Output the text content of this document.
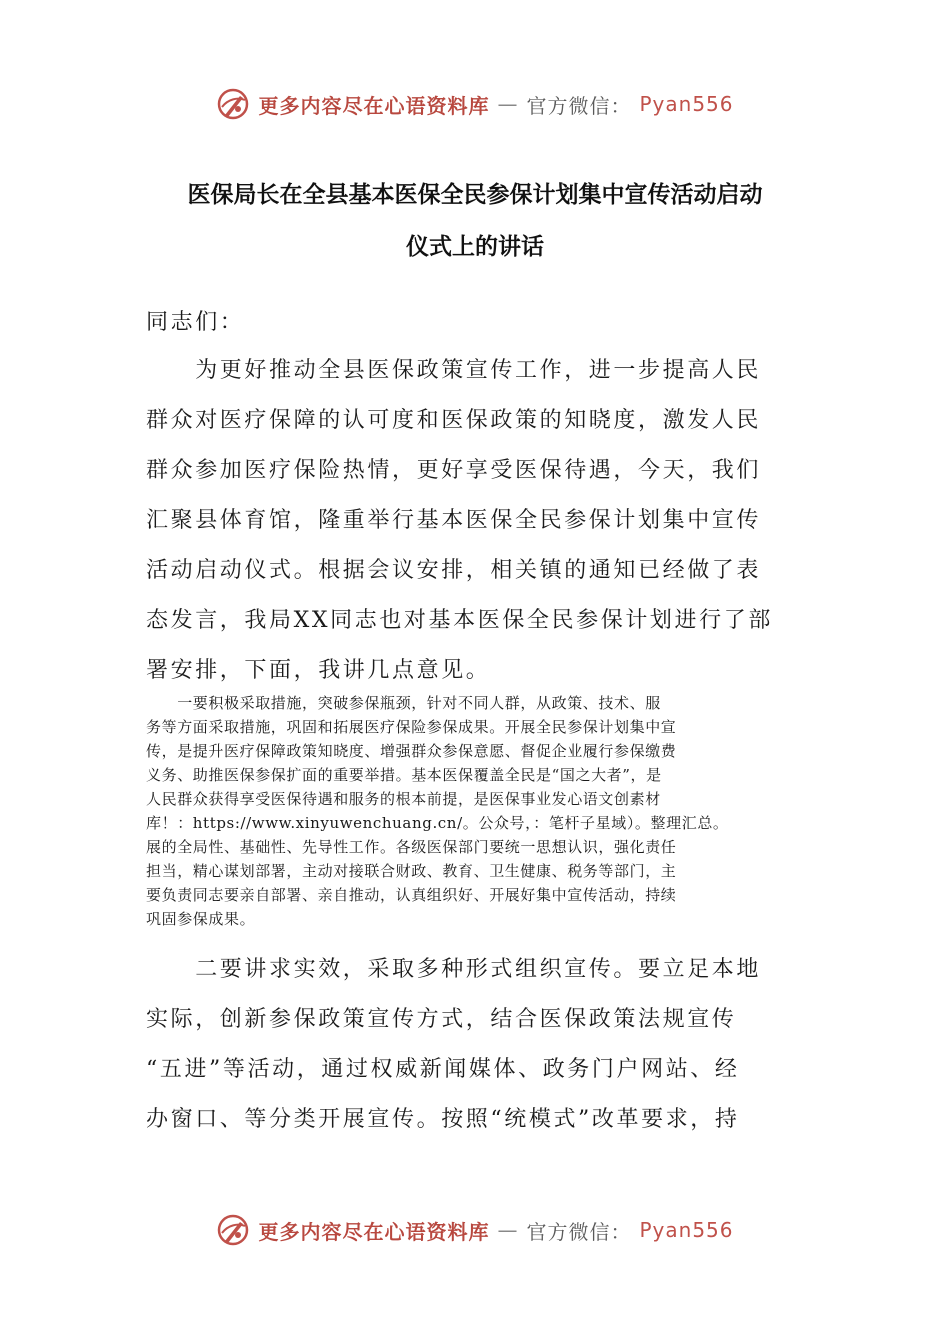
更多内容尽在心语资料库 — 官方微信： Pyan556
医保局长在全县基本医保全民参保计划集中宣传活动启动
仪式上的讲话
同志们：
　　为更好推动全县医保政策宣传工作，进一步提高人民
群众对医疗保障的认可度和医保政策的知晓度，激发人民
群众参加医疗保险热情，更好享受医保待遇，今天，我们
汇聚县体育馆，隆重举行基本医保全民参保计划集中宣传
活动启动仪式。根据会议安排，相关镇的通知已经做了表
态发言，我局XX同志也对基本医保全民参保计划进行了部
署安排，下面，我讲几点意见。
　　一要积极采取措施，突破参保瓶颈，针对不同人群，从政策、技术、服
务等方面采取措施，巩固和拓展医疗保险参保成果。开展全民参保计划集中宣
传，是提升医疗保障政策知晓度、增强群众参保意愿、督促企业履行参保缴费
义务、助推医保参保扩面的重要举措。基本医保覆盖全民是“国之大者”，是
人民群众获得享受医保待遇和服务的根本前提，是医保事业发心语文创素材
库！：https://www.xinyuwenchuang.cn/。公众号，：笔杆子星域）。整理汇总。
展的全局性、基础性、先导性工作。各级医保部门要统一思想认识，强化责任
担当，精心谋划部署，主动对接联合财政、教育、卫生健康、税务等部门，主
要负责同志要亲自部署、亲自推动，认真组织好、开展好集中宣传活动，持续
巩固参保成果。
　　二要讲求实效，采取多种形式组织宣传。要立足本地
实际，创新参保政策宣传方式，结合医保政策法规宣传
“五进”等活动，通过权威新闻媒体、政务门户网站、经
办窗口、等分类开展宣传。按照“统模式”改革要求，持
更多内容尽在心语资料库 — 官方微信： Pyan556
